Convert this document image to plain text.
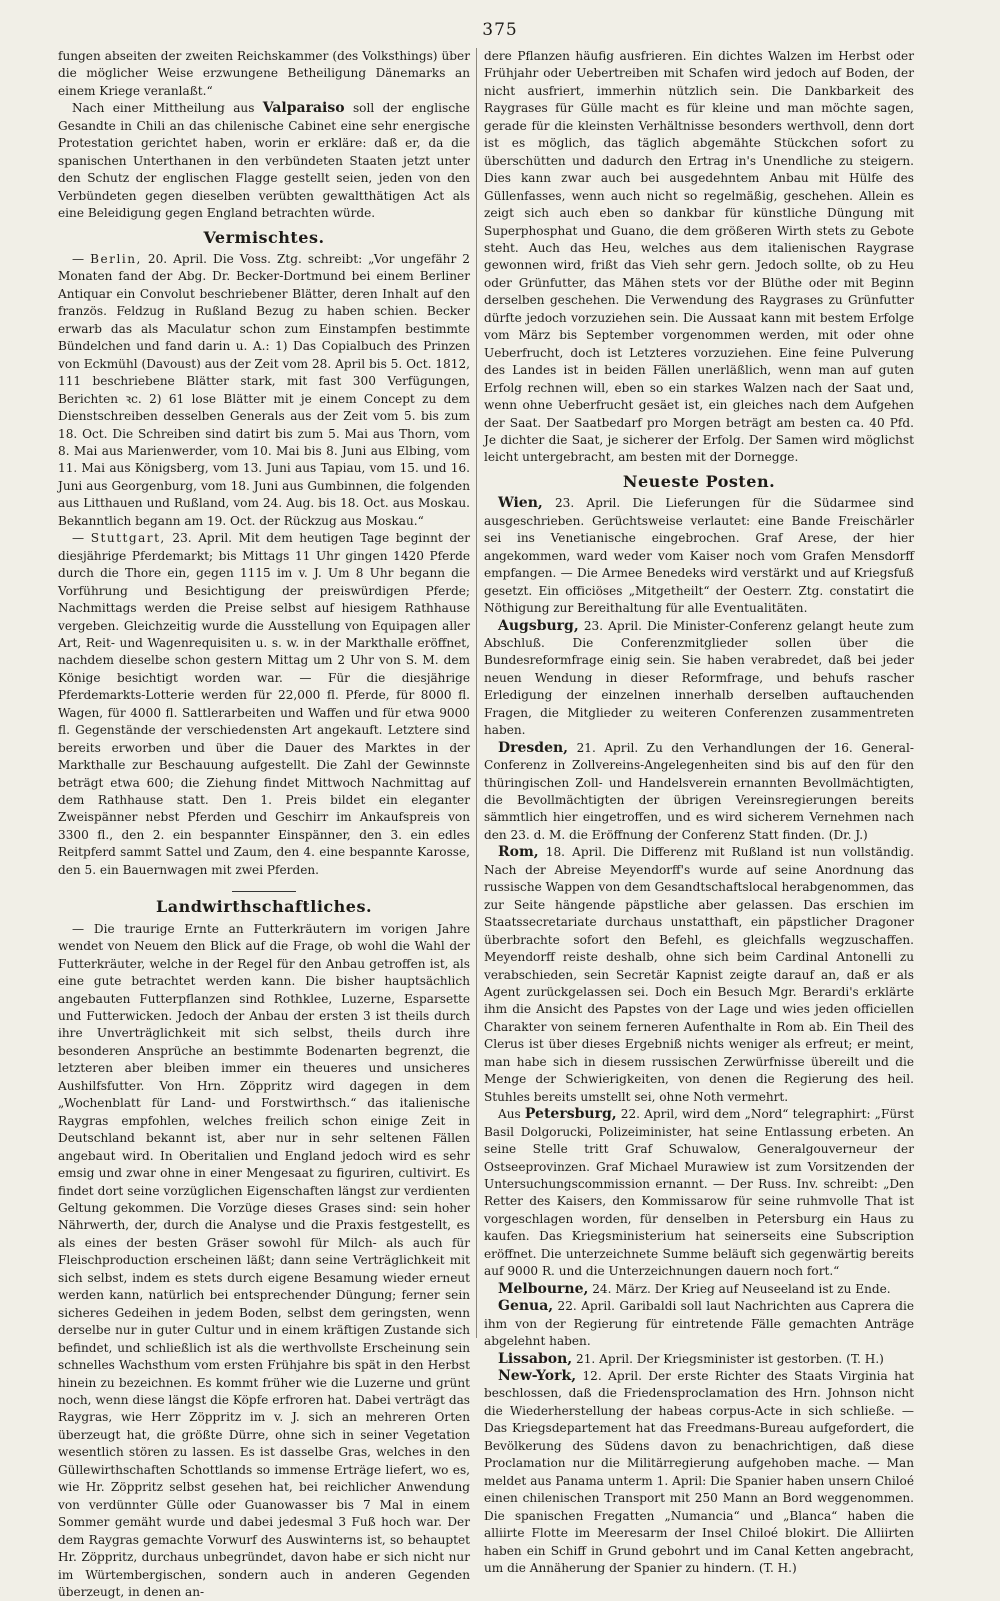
375

fungen abseiten der zweiten Reichskammer (des Volksthings) über die möglicher Weise erzwungene Betheiligung Dänemarks an einem Kriege veranlaßt.“

Nach einer Mittheilung aus Valparaiso soll der englische Gesandte in Chili an das chilenische Cabinet eine sehr energische Protestation gerichtet haben, worin er erkläre: daß er, da die spanischen Unterthanen in den verbündeten Staaten jetzt unter den Schutz der englischen Flagge gestellt seien, jeden von den Verbündeten gegen dieselben verübten gewaltthätigen Act als eine Beleidigung gegen England betrachten würde.

Vermischtes.

— Berlin, 20. April. Die Voss. Ztg. schreibt: „Vor ungefähr 2 Monaten fand der Abg. Dr. Becker-Dortmund bei einem Berliner Antiquar ein Convolut beschriebener Blätter, deren Inhalt auf den französ. Feldzug in Rußland Bezug zu haben schien. Becker erwarb das als Maculatur schon zum Einstampfen bestimmte Bündelchen und fand darin u. A.: 1) Das Copialbuch des Prinzen von Eckmühl (Davoust) aus der Zeit vom 28. April bis 5. Oct. 1812, 111 beschriebene Blätter stark, mit fast 300 Verfügungen, Berichten ꝛc. 2) 61 lose Blätter mit je einem Concept zu dem Dienstschreiben desselben Generals aus der Zeit vom 5. bis zum 18. Oct. Die Schreiben sind datirt bis zum 5. Mai aus Thorn, vom 8. Mai aus Marienwerder, vom 10. Mai bis 8. Juni aus Elbing, vom 11. Mai aus Königsberg, vom 13. Juni aus Tapiau, vom 15. und 16. Juni aus Georgenburg, vom 18. Juni aus Gumbinnen, die folgenden aus Litthauen und Rußland, vom 24. Aug. bis 18. Oct. aus Moskau. Bekanntlich begann am 19. Oct. der Rückzug aus Moskau.“

— Stuttgart, 23. April. Mit dem heutigen Tage beginnt der diesjährige Pferdemarkt; bis Mittags 11 Uhr gingen 1420 Pferde durch die Thore ein, gegen 1115 im v. J. Um 8 Uhr begann die Vorführung und Besichtigung der preiswürdigen Pferde; Nachmittags werden die Preise selbst auf hiesigem Rathhause vergeben. Gleichzeitig wurde die Ausstellung von Equipagen aller Art, Reit- und Wagenrequisiten u. s. w. in der Markthalle eröffnet, nachdem dieselbe schon gestern Mittag um 2 Uhr von S. M. dem Könige besichtigt worden war. — Für die diesjährige Pferdemarkts-Lotterie werden für 22,000 fl. Pferde, für 8000 fl. Wagen, für 4000 fl. Sattlerarbeiten und Waffen und für etwa 9000 fl. Gegenstände der verschiedensten Art angekauft. Letztere sind bereits erworben und über die Dauer des Marktes in der Markthalle zur Beschauung aufgestellt. Die Zahl der Gewinnste beträgt etwa 600; die Ziehung findet Mittwoch Nachmittag auf dem Rathhause statt. Den 1. Preis bildet ein eleganter Zweispänner nebst Pferden und Geschirr im Ankaufspreis von 3300 fl., den 2. ein bespannter Einspänner, den 3. ein edles Reitpferd sammt Sattel und Zaum, den 4. eine bespannte Karosse, den 5. ein Bauernwagen mit zwei Pferden.

Landwirthschaftliches.

— Die traurige Ernte an Futterkräutern im vorigen Jahre wendet von Neuem den Blick auf die Frage, ob wohl die Wahl der Futterkräuter, welche in der Regel für den Anbau getroffen ist, als eine gute betrachtet werden kann. Die bisher hauptsächlich angebauten Futterpflanzen sind Rothklee, Luzerne, Esparsette und Futterwicken. Jedoch der Anbau der ersten 3 ist theils durch ihre Unverträglichkeit mit sich selbst, theils durch ihre besonderen Ansprüche an bestimmte Bodenarten begrenzt, die letzteren aber bleiben immer ein theueres und unsicheres Aushilfsfutter. Von Hrn. Zöppritz wird dagegen in dem „Wochenblatt für Land- und Forstwirthsch.“ das italienische Raygras empfohlen, welches freilich schon einige Zeit in Deutschland bekannt ist, aber nur in sehr seltenen Fällen angebaut wird. In Oberitalien und England jedoch wird es sehr emsig und zwar ohne in einer Mengesaat zu figuriren, cultivirt. Es findet dort seine vorzüglichen Eigenschaften längst zur verdienten Geltung gekommen. Die Vorzüge dieses Grases sind: sein hoher Nährwerth, der, durch die Analyse und die Praxis festgestellt, es als eines der besten Gräser sowohl für Milch- als auch für Fleischproduction erscheinen läßt; dann seine Verträglichkeit mit sich selbst, indem es stets durch eigene Besamung wieder erneut werden kann, natürlich bei entsprechender Düngung; ferner sein sicheres Gedeihen in jedem Boden, selbst dem geringsten, wenn derselbe nur in guter Cultur und in einem kräftigen Zustande sich befindet, und schließlich ist als die werthvollste Erscheinung sein schnelles Wachsthum vom ersten Frühjahre bis spät in den Herbst hinein zu bezeichnen. Es kommt früher wie die Luzerne und grünt noch, wenn diese längst die Köpfe erfroren hat. Dabei verträgt das Raygras, wie Herr Zöppritz im v. J. sich an mehreren Orten überzeugt hat, die größte Dürre, ohne sich in seiner Vegetation wesentlich stören zu lassen. Es ist dasselbe Gras, welches in den Güllewirthschaften Schottlands so immense Erträge liefert, wo es, wie Hr. Zöppritz selbst gesehen hat, bei reichlicher Anwendung von verdünnter Gülle oder Guanowasser bis 7 Mal in einem Sommer gemäht wurde und dabei jedesmal 3 Fuß hoch war. Der dem Raygras gemachte Vorwurf des Auswinterns ist, so behauptet Hr. Zöppritz, durchaus unbegründet, davon habe er sich nicht nur im Würtembergischen, sondern auch in anderen Gegenden überzeugt, in denen an-

dere Pflanzen häufig ausfrieren. Ein dichtes Walzen im Herbst oder Frühjahr oder Uebertreiben mit Schafen wird jedoch auf Boden, der nicht ausfriert, immerhin nützlich sein. Die Dankbarkeit des Raygrases für Gülle macht es für kleine und man möchte sagen, gerade für die kleinsten Verhältnisse besonders werthvoll, denn dort ist es möglich, das täglich abgemähte Stückchen sofort zu überschütten und dadurch den Ertrag in's Unendliche zu steigern. Dies kann zwar auch bei ausgedehntem Anbau mit Hülfe des Güllenfasses, wenn auch nicht so regelmäßig, geschehen. Allein es zeigt sich auch eben so dankbar für künstliche Düngung mit Superphosphat und Guano, die dem größeren Wirth stets zu Gebote steht. Auch das Heu, welches aus dem italienischen Raygrase gewonnen wird, frißt das Vieh sehr gern. Jedoch sollte, ob zu Heu oder Grünfutter, das Mähen stets vor der Blüthe oder mit Beginn derselben geschehen. Die Verwendung des Raygrases zu Grünfutter dürfte jedoch vorzuziehen sein. Die Aussaat kann mit bestem Erfolge vom März bis September vorgenommen werden, mit oder ohne Ueberfrucht, doch ist Letzteres vorzuziehen. Eine feine Pulverung des Landes ist in beiden Fällen unerläßlich, wenn man auf guten Erfolg rechnen will, eben so ein starkes Walzen nach der Saat und, wenn ohne Ueberfrucht gesäet ist, ein gleiches nach dem Aufgehen der Saat. Der Saatbedarf pro Morgen beträgt am besten ca. 40 Pfd. Je dichter die Saat, je sicherer der Erfolg. Der Samen wird möglichst leicht untergebracht, am besten mit der Dornegge.

Neueste Posten.

Wien, 23. April. Die Lieferungen für die Südarmee sind ausgeschrieben. Gerüchtsweise verlautet: eine Bande Freischärler sei ins Venetianische eingebrochen. Graf Arese, der hier angekommen, ward weder vom Kaiser noch vom Grafen Mensdorff empfangen. — Die Armee Benedeks wird verstärkt und auf Kriegsfuß gesetzt. Ein officiöses „Mitgetheilt“ der Oesterr. Ztg. constatirt die Nöthigung zur Bereithaltung für alle Eventualitäten.

Augsburg, 23. April. Die Minister-Conferenz gelangt heute zum Abschluß. Die Conferenzmitglieder sollen über die Bundesreformfrage einig sein. Sie haben verabredet, daß bei jeder neuen Wendung in dieser Reformfrage, und behufs rascher Erledigung der einzelnen innerhalb derselben auftauchenden Fragen, die Mitglieder zu weiteren Conferenzen zusammentreten haben.

Dresden, 21. April. Zu den Verhandlungen der 16. General-Conferenz in Zollvereins-Angelegenheiten sind bis auf den für den thüringischen Zoll- und Handelsverein ernannten Bevollmächtigten, die Bevollmächtigten der übrigen Vereinsregierungen bereits sämmtlich hier eingetroffen, und es wird sicherem Vernehmen nach den 23. d. M. die Eröffnung der Conferenz Statt finden. (Dr. J.)

Rom, 18. April. Die Differenz mit Rußland ist nun vollständig. Nach der Abreise Meyendorff's wurde auf seine Anordnung das russische Wappen von dem Gesandtschaftslocal herabgenommen, das zur Seite hängende päpstliche aber gelassen. Das erschien im Staatssecretariate durchaus unstatthaft, ein päpstlicher Dragoner überbrachte sofort den Befehl, es gleichfalls wegzuschaffen. Meyendorff reiste deshalb, ohne sich beim Cardinal Antonelli zu verabschieden, sein Secretär Kapnist zeigte darauf an, daß er als Agent zurückgelassen sei. Doch ein Besuch Mgr. Berardi's erklärte ihm die Ansicht des Papstes von der Lage und wies jeden officiellen Charakter von seinem ferneren Aufenthalte in Rom ab. Ein Theil des Clerus ist über dieses Ergebniß nichts weniger als erfreut; er meint, man habe sich in diesem russischen Zerwürfnisse übereilt und die Menge der Schwierigkeiten, von denen die Regierung des heil. Stuhles bereits umstellt sei, ohne Noth vermehrt.

Aus Petersburg, 22. April, wird dem „Nord“ telegraphirt: „Fürst Basil Dolgorucki, Polizeiminister, hat seine Entlassung erbeten. An seine Stelle tritt Graf Schuwalow, Generalgouverneur der Ostseeprovinzen. Graf Michael Murawiew ist zum Vorsitzenden der Untersuchungscommission ernannt. — Der Russ. Inv. schreibt: „Den Retter des Kaisers, den Kommissarow für seine ruhmvolle That ist vorgeschlagen worden, für denselben in Petersburg ein Haus zu kaufen. Das Kriegsministerium hat seinerseits eine Subscription eröffnet. Die unterzeichnete Summe beläuft sich gegenwärtig bereits auf 9000 R. und die Unterzeichnungen dauern noch fort.“

Melbourne, 24. März. Der Krieg auf Neuseeland ist zu Ende.

Genua, 22. April. Garibaldi soll laut Nachrichten aus Caprera die ihm von der Regierung für eintretende Fälle gemachten Anträge abgelehnt haben.

Lissabon, 21. April. Der Kriegsminister ist gestorben. (T. H.)

New-York, 12. April. Der erste Richter des Staats Virginia hat beschlossen, daß die Friedensproclamation des Hrn. Johnson nicht die Wiederherstellung der habeas corpus-Acte in sich schließe. — Das Kriegsdepartement hat das Freedmans-Bureau aufgefordert, die Bevölkerung des Südens davon zu benachrichtigen, daß diese Proclamation nur die Militärregierung aufgehoben mache. — Man meldet aus Panama unterm 1. April: Die Spanier haben unsern Chiloé einen chilenischen Transport mit 250 Mann an Bord weggenommen. Die spanischen Fregatten „Numancia“ und „Blanca“ haben die alliirte Flotte im Meeresarm der Insel Chiloé blokirt. Die Alliirten haben ein Schiff in Grund gebohrt und im Canal Ketten angebracht, um die Annäherung der Spanier zu hindern. (T. H.)
